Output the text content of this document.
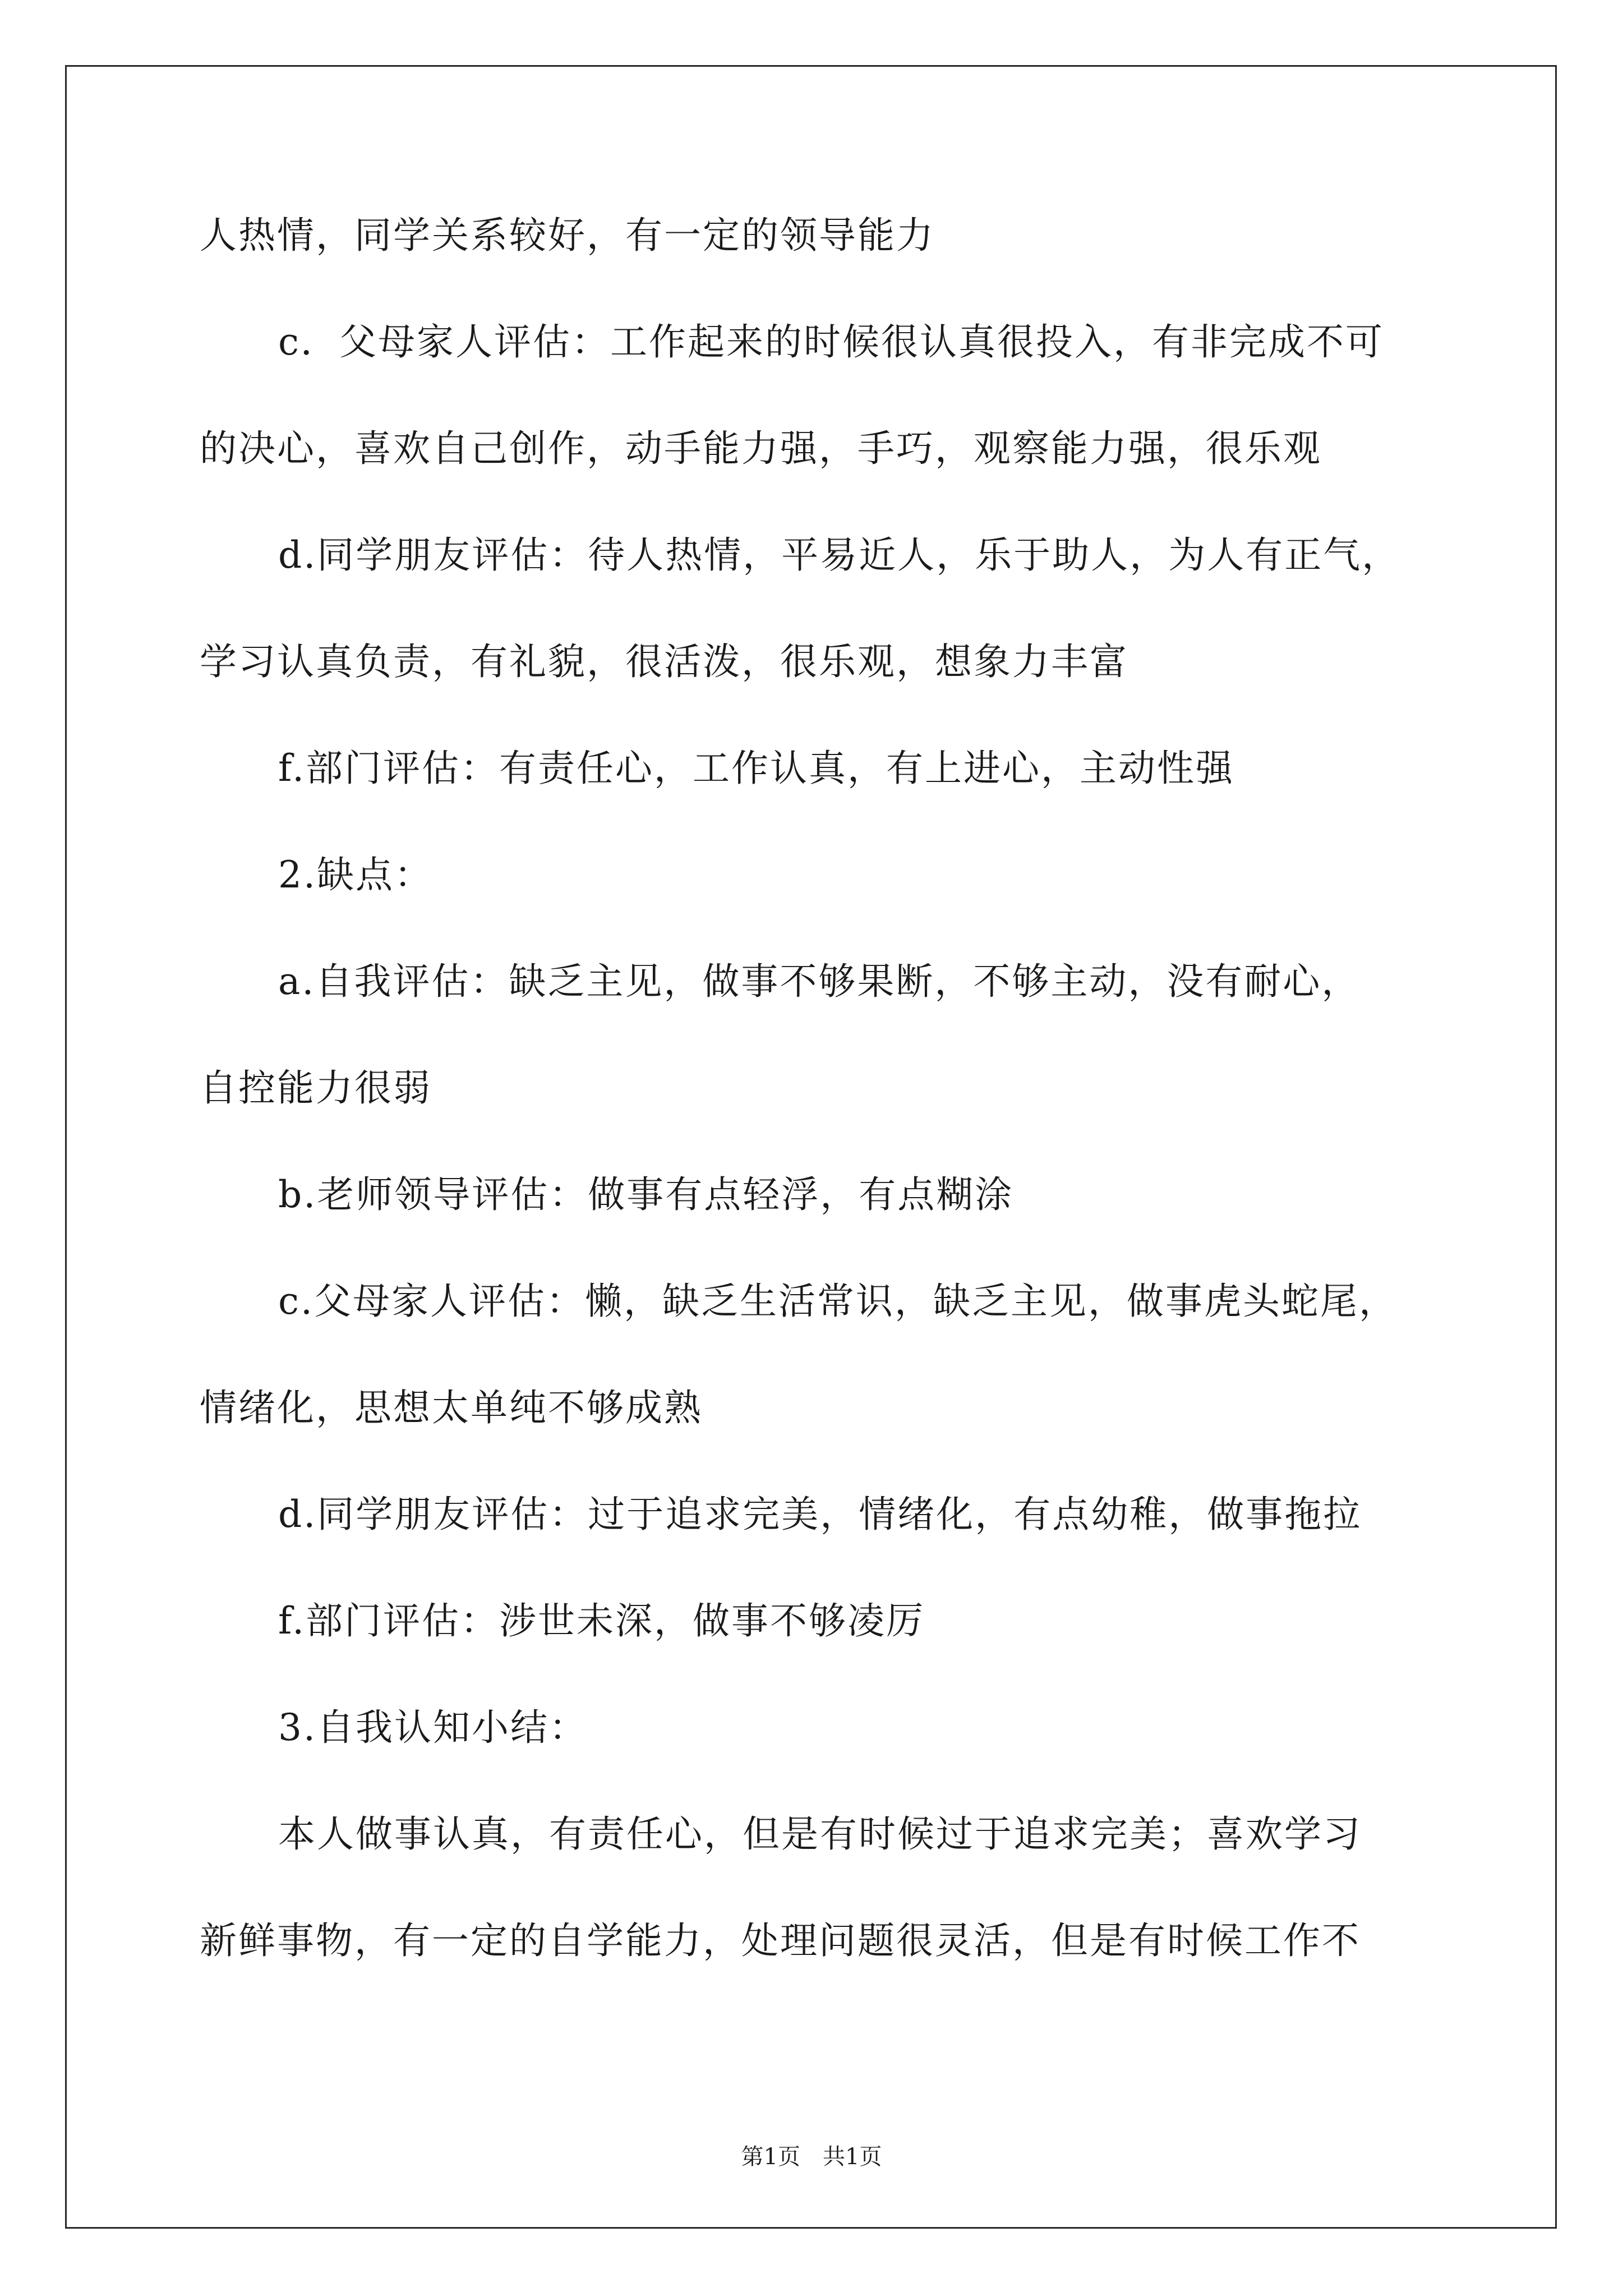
人热情，同学关系较好，有一定的领导能力
c．父母家人评估：工作起来的时候很认真很投入，有非完成不可
的决心，喜欢自己创作，动手能力强，手巧，观察能力强，很乐观
d.同学朋友评估：待人热情，平易近人，乐于助人，为人有正气，
学习认真负责，有礼貌，很活泼，很乐观，想象力丰富
f.部门评估：有责任心，工作认真，有上进心，主动性强
2.缺点：
a.自我评估：缺乏主见，做事不够果断，不够主动，没有耐心，
自控能力很弱
b.老师领导评估：做事有点轻浮，有点糊涂
c.父母家人评估：懒，缺乏生活常识，缺乏主见，做事虎头蛇尾，
情绪化，思想太单纯不够成熟
d.同学朋友评估：过于追求完美，情绪化，有点幼稚，做事拖拉
f.部门评估：涉世未深，做事不够凌厉
3.自我认知小结：
本人做事认真，有责任心，但是有时候过于追求完美；喜欢学习
新鲜事物，有一定的自学能力，处理问题很灵活，但是有时候工作不
第1页　共1页
